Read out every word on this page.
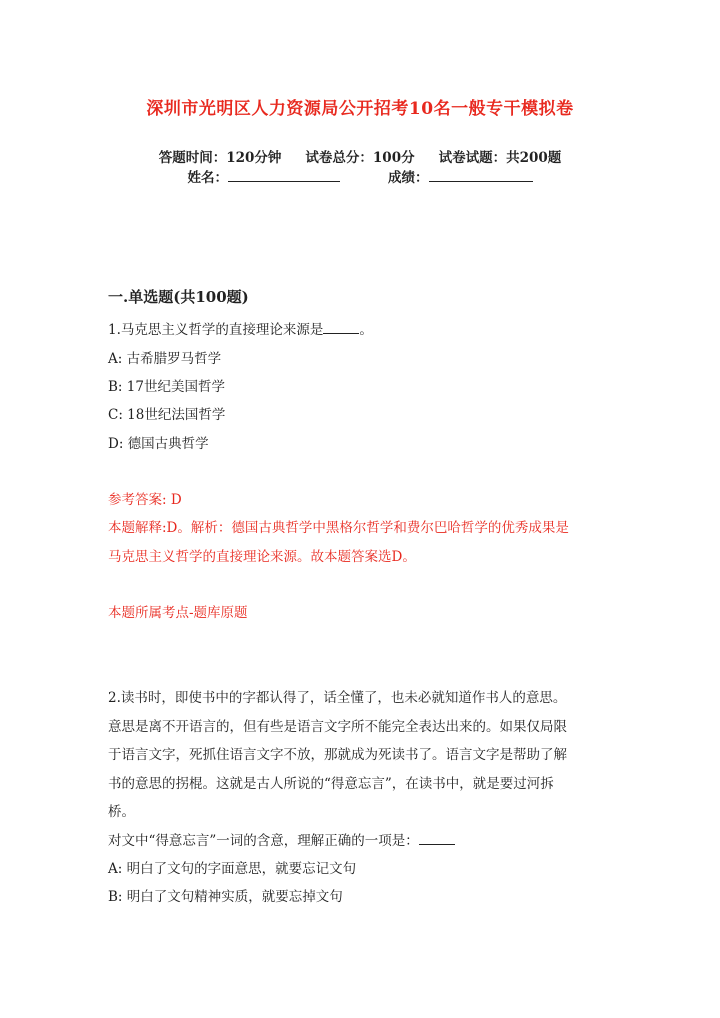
深圳市光明区人力资源局公开招考10名一般专干模拟卷
答题时间：120分钟 试卷总分：100分 试卷试题：共200题
姓名：	成绩：
一.单选题(共100题)
1.马克思主义哲学的直接理论来源是	。
A: 古希腊罗马哲学
B: 17世纪美国哲学
C: 18世纪法国哲学
D: 德国古典哲学
参考答案: D
本题解释:D。解析：德国古典哲学中黑格尔哲学和费尔巴哈哲学的优秀成果是
马克思主义哲学的直接理论来源。故本题答案选D。
本题所属考点-题库原题
2.读书时，即使书中的字都认得了，话全懂了，也未必就知道作书人的意思。
意思是离不开语言的，但有些是语言文字所不能完全表达出来的。如果仅局限
于语言文字，死抓住语言文字不放，那就成为死读书了。语言文字是帮助了解
书的意思的拐棍。这就是古人所说的“得意忘言”，在读书中，就是要过河拆
桥。
对文中“得意忘言”一词的含意，理解正确的一项是：
A: 明白了文句的字面意思，就要忘记文句
B: 明白了文句精神实质，就要忘掉文句
